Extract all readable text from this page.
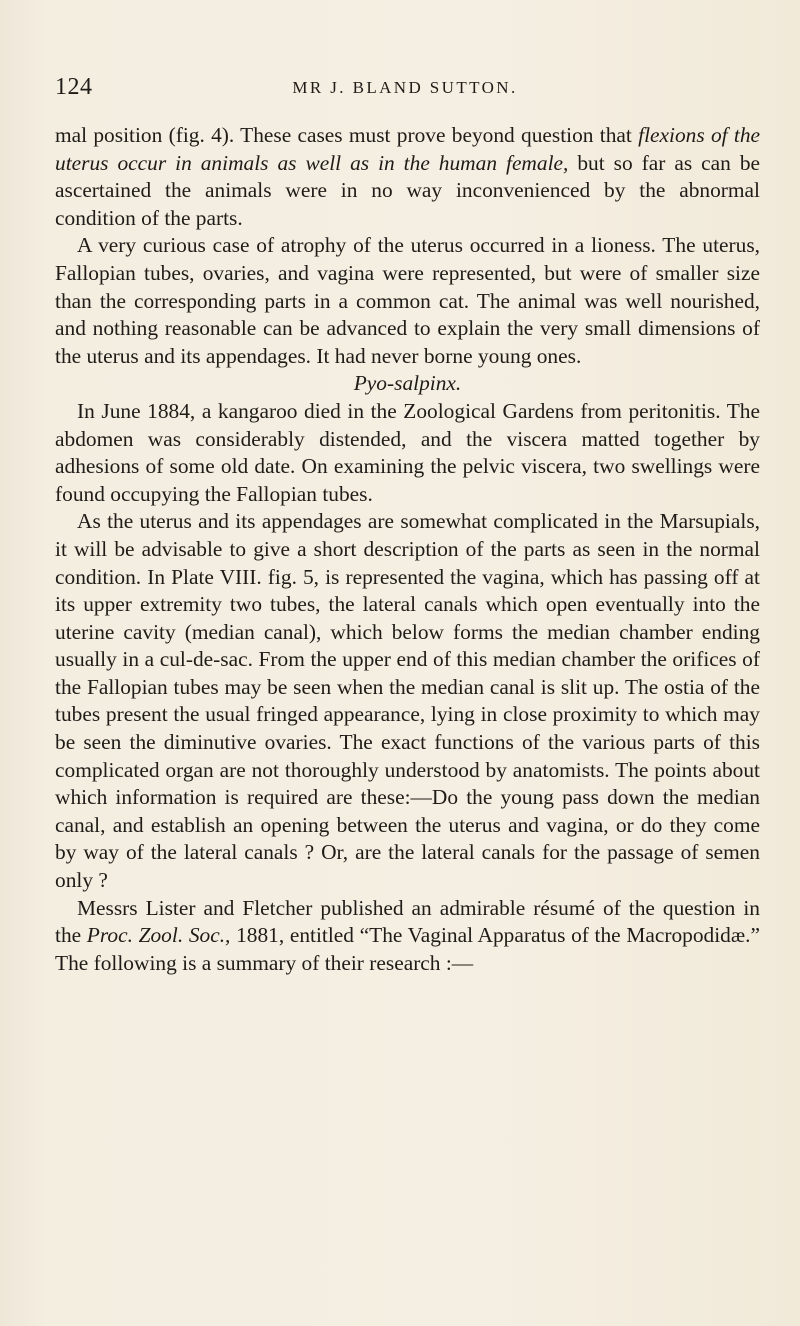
124	MR J. BLAND SUTTON.

mal position (fig. 4). These cases must prove beyond question that flexions of the uterus occur in animals as well as in the human female, but so far as can be ascertained the animals were in no way inconvenienced by the abnormal condition of the parts.

A very curious case of atrophy of the uterus occurred in a lioness. The uterus, Fallopian tubes, ovaries, and vagina were represented, but were of smaller size than the corresponding parts in a common cat. The animal was well nourished, and nothing reasonable can be advanced to explain the very small dimensions of the uterus and its appendages. It had never borne young ones.

Pyo-salpinx.

In June 1884, a kangaroo died in the Zoological Gardens from peritonitis. The abdomen was considerably distended, and the viscera matted together by adhesions of some old date. On examining the pelvic viscera, two swellings were found occupying the Fallopian tubes.

As the uterus and its appendages are somewhat complicated in the Marsupials, it will be advisable to give a short description of the parts as seen in the normal condition. In Plate VIII. fig. 5, is represented the vagina, which has passing off at its upper extremity two tubes, the lateral canals which open eventually into the uterine cavity (median canal), which below forms the median chamber ending usually in a cul-de-sac. From the upper end of this median chamber the orifices of the Fallopian tubes may be seen when the median canal is slit up. The ostia of the tubes present the usual fringed appearance, lying in close proximity to which may be seen the diminutive ovaries. The exact functions of the various parts of this complicated organ are not thoroughly understood by anatomists. The points about which information is required are these:—Do the young pass down the median canal, and establish an opening between the uterus and vagina, or do they come by way of the lateral canals ? Or, are the lateral canals for the passage of semen only ?

Messrs Lister and Fletcher published an admirable résumé of the question in the Proc. Zool. Soc., 1881, entitled “The Vaginal Apparatus of the Macropodidæ.” The following is a summary of their research :—
